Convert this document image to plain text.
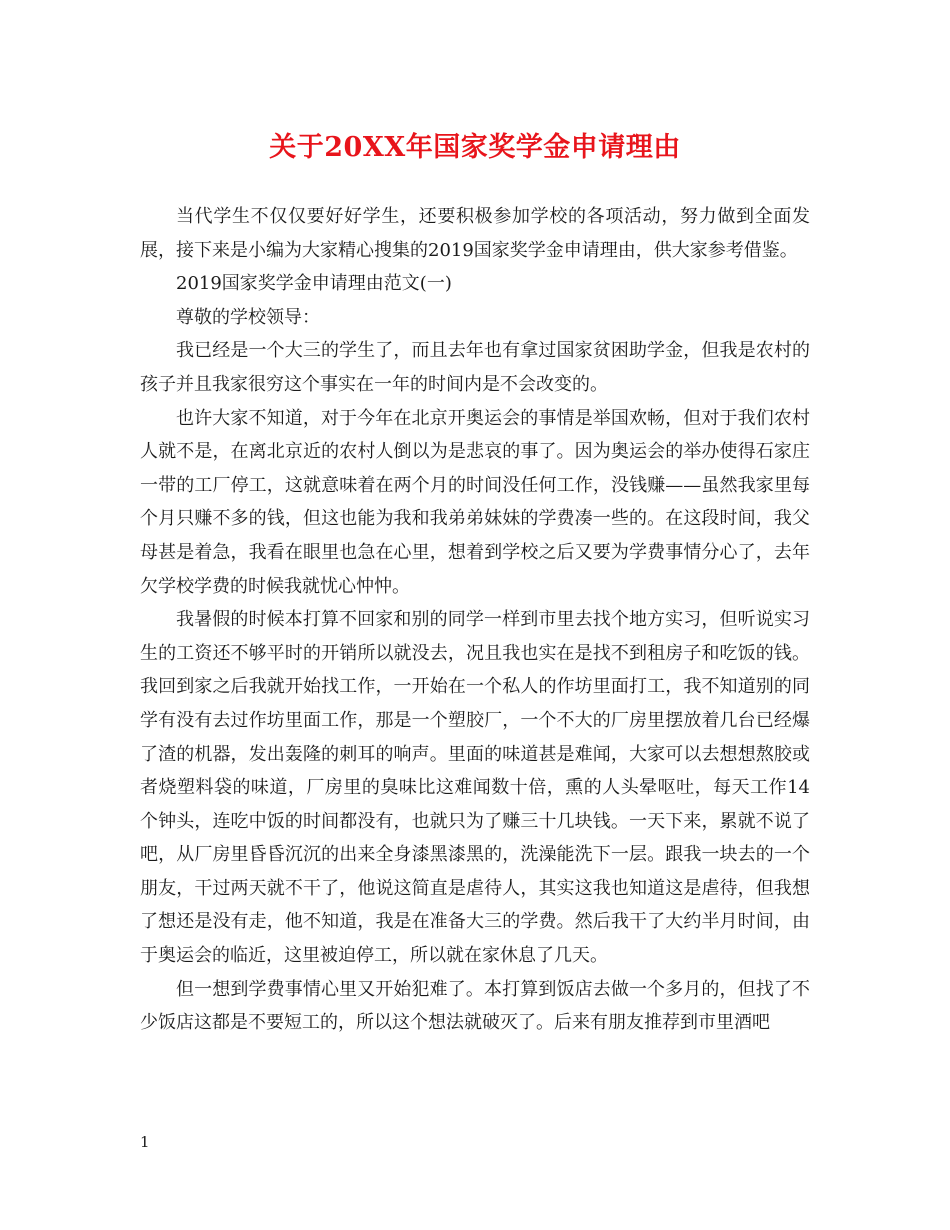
关于20XX年国家奖学金申请理由

当代学生不仅仅要好好学生，还要积极参加学校的各项活动，努力做到全面发展，接下来是小编为大家精心搜集的2019国家奖学金申请理由，供大家参考借鉴。

2019国家奖学金申请理由范文(一)

尊敬的学校领导：

我已经是一个大三的学生了，而且去年也有拿过国家贫困助学金，但我是农村的孩子并且我家很穷这个事实在一年的时间内是不会改变的。

也许大家不知道，对于今年在北京开奥运会的事情是举国欢畅，但对于我们农村人就不是，在离北京近的农村人倒以为是悲哀的事了。因为奥运会的举办使得石家庄一带的工厂停工，这就意味着在两个月的时间没任何工作，没钱赚——虽然我家里每个月只赚不多的钱，但这也能为我和我弟弟妹妹的学费凑一些的。在这段时间，我父母甚是着急，我看在眼里也急在心里，想着到学校之后又要为学费事情分心了，去年欠学校学费的时候我就忧心忡忡。

我暑假的时候本打算不回家和别的同学一样到市里去找个地方实习，但听说实习生的工资还不够平时的开销所以就没去，况且我也实在是找不到租房子和吃饭的钱。我回到家之后我就开始找工作，一开始在一个私人的作坊里面打工，我不知道别的同学有没有去过作坊里面工作，那是一个塑胶厂，一个不大的厂房里摆放着几台已经爆了渣的机器，发出轰隆的刺耳的响声。里面的味道甚是难闻，大家可以去想想熬胶或者烧塑料袋的味道，厂房里的臭味比这难闻数十倍，熏的人头晕呕吐，每天工作14个钟头，连吃中饭的时间都没有，也就只为了赚三十几块钱。一天下来，累就不说了吧，从厂房里昏昏沉沉的出来全身漆黑漆黑的，洗澡能洗下一层。跟我一块去的一个朋友，干过两天就不干了，他说这简直是虐待人，其实这我也知道这是虐待，但我想了想还是没有走，他不知道，我是在准备大三的学费。然后我干了大约半月时间，由于奥运会的临近，这里被迫停工，所以就在家休息了几天。

但一想到学费事情心里又开始犯难了。本打算到饭店去做一个多月的，但找了不少饭店这都是不要短工的，所以这个想法就破灭了。后来有朋友推荐到市里酒吧

1
